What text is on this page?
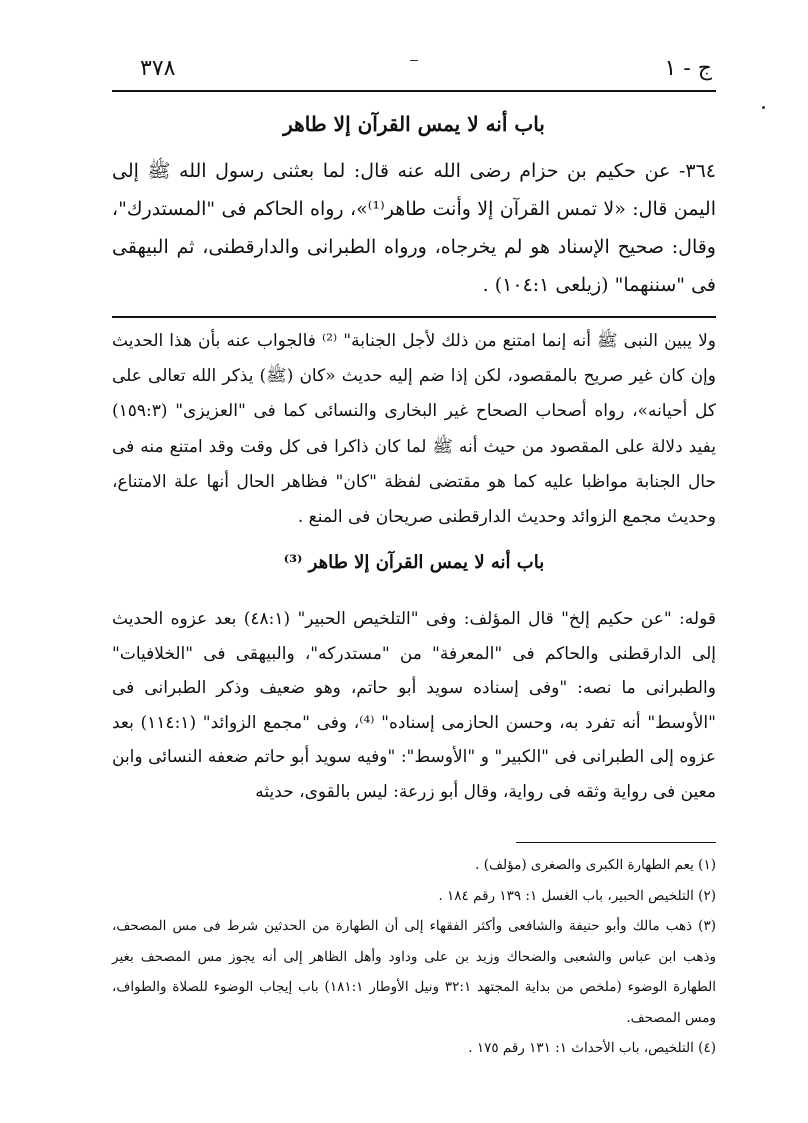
٣٧٨	ج - ١
باب أنه لا يمس القرآن إلا طاهر

٣٦٤- عن حكيم بن حزام رضى الله عنه قال: لما بعثنى رسول الله ﷺ إلى اليمن قال: «لا تمس القرآن إلا وأنت طاهر⁽¹⁾»، رواه الحاكم فى "المستدرك"، وقال: صحيح الإسناد هو لم يخرجاه، ورواه الطبرانى والدارقطنى، ثم البيهقى فى "سننهما" (زيلعى ١٠٤:١) .

ولا يبين النبى ﷺ أنه إنما امتنع من ذلك لأجل الجنابة" ⁽²⁾ فالجواب عنه بأن هذا الحديث وإن كان غير صريح بالمقصود، لكن إذا ضم إليه حديث «كان (ﷺ) يذكر الله تعالى على كل أحيانه»، رواه أصحاب الصحاح غير البخارى والنسائى كما فى "العزيزى" (١٥٩:٣) يفيد دلالة على المقصود من حيث أنه ﷺ لما كان ذاكرا فى كل وقت وقد امتنع منه فى حال الجنابة مواظبا عليه كما هو مقتضى لفظة "كان" فظاهر الحال أنها علة الامتناع، وحديث مجمع الزوائد وحديث الدارقطنى صريحان فى المنع .

باب أنه لا يمس القرآن إلا طاهر ⁽³⁾

قوله: "عن حكيم إلخ" قال المؤلف: وفى "التلخيص الحبير" (٤٨:١) بعد عزوه الحديث إلى الدارقطنى والحاكم فى "المعرفة" من "مستدركه"، والبيهقى فى "الخلافيات" والطبرانى ما نصه: "وفى إسناده سويد أبو حاتم، وهو ضعيف وذكر الطبرانى فى "الأوسط" أنه تفرد به، وحسن الحازمى إسناده" ⁽⁴⁾، وفى "مجمع الزوائد" (١١٤:١) بعد عزوه إلى الطبرانى فى "الكبير" و "الأوسط": "وفيه سويد أبو حاتم ضعفه النسائى وابن معين فى رواية وثقه فى رواية، وقال أبو زرعة: ليس بالقوى، حديثه

(١) يعم الطهارة الكبرى والصغرى (مؤلف) .

(٢) التلخيص الحبير، باب الغسل ١: ١٣٩ رقم ١٨٤ .

(٣) ذهب مالك وأبو حنيفة والشافعى وأكثر الفقهاء إلى أن الطهارة من الحدثين شرط فى مس المصحف، وذهب ابن عباس والشعبى والضحاك وزيد بن على وداود وأهل الظاهر إلى أنه يجوز مس المصحف بغير الطهارة الوضوء (ملخص من بداية المجتهد ٣٢:١ ونيل الأوطار ١٨١:١) باب إيجاب الوضوء للصلاة والطواف، ومس المصحف.

(٤) التلخيص، باب الأحداث ١: ١٣١ رقم ١٧٥ .
